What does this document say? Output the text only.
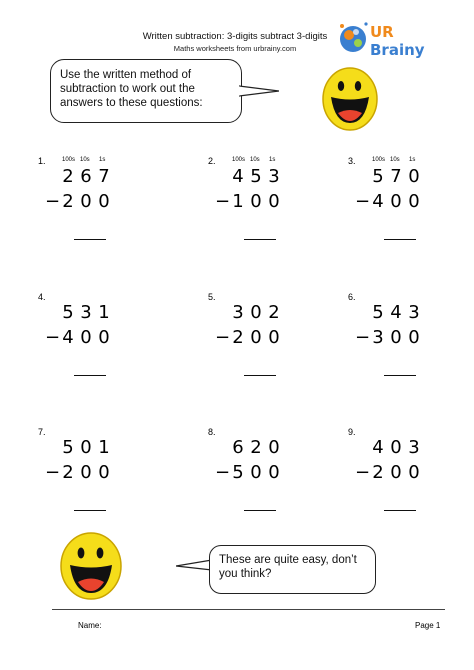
Written subtraction: 3-digits subtract 3-digits
Maths worksheets from urbrainy.com
UR
Brainy
Use the written method of subtraction to work out the answers to these questions:
1.	100s 10s 1s
2 6 7
− 2 0 0
2.	100s 10s 1s
4 5 3
− 1 0 0
3.	100s 10s 1s
5 7 0
− 4 0 0
4.
5 3 1
− 4 0 0
5.
3 0 2
− 2 0 0
6.
5 4 3
− 3 0 0
7.
5 0 1
− 2 0 0
8.
6 2 0
− 5 0 0
9.
4 0 3
− 2 0 0
These are quite easy, don’t you think?
Name:	Page 1
